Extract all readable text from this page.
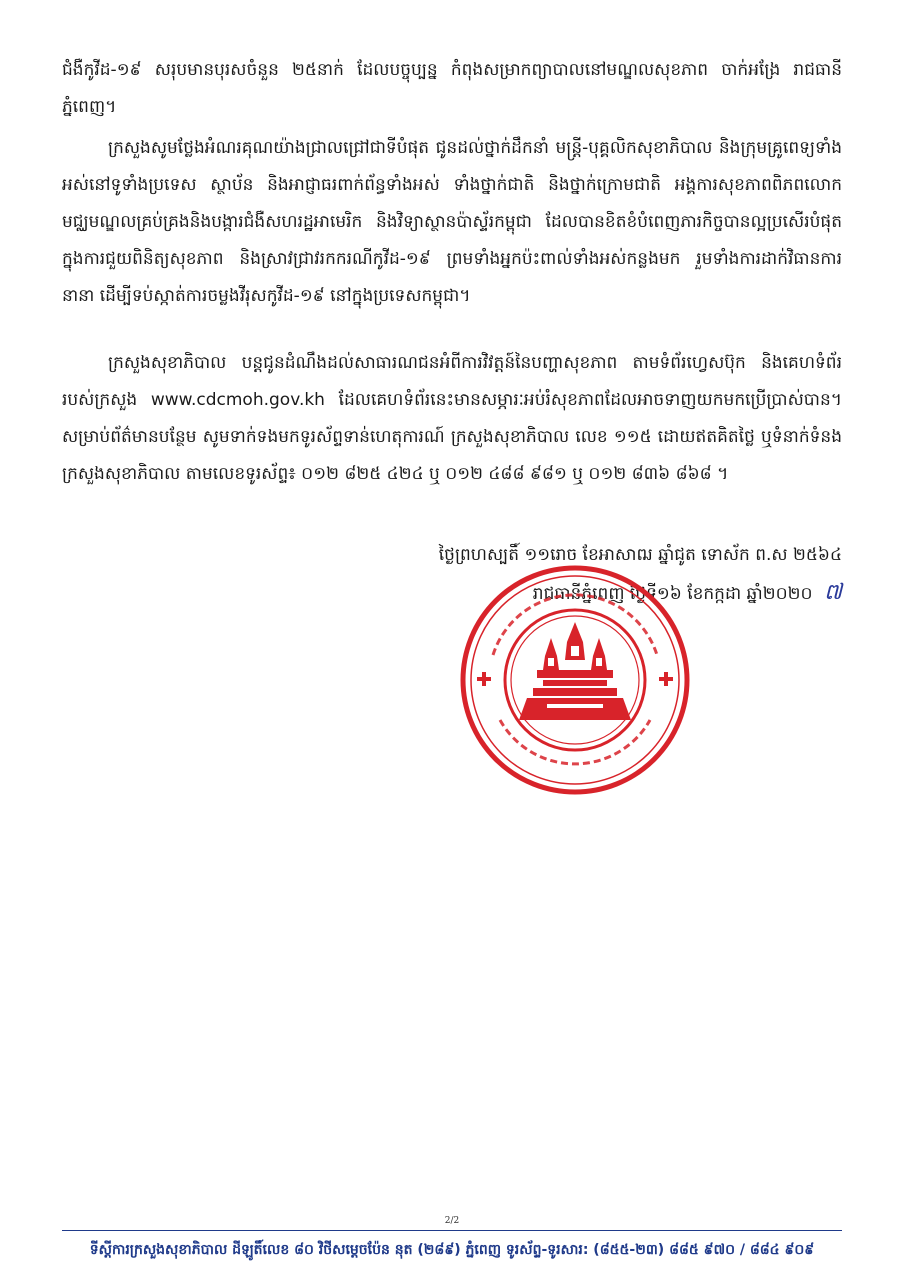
ជំងឺកូវីដ-១៩ សរុបមានបុរសចំនួន ២៥នាក់ ដែលបច្ចុប្បន្ន កំពុងសម្រាកព្យាបាលនៅមណ្ឌលសុខភាព ចាក់អង្រែ រាជធានីភ្នំពេញ។

ក្រសួងសូមថ្លែងអំណរគុណយ៉ាងជ្រាលជ្រៅជាទីបំផុត ជូនដល់ថ្នាក់ដឹកនាំ មន្ត្រី-បុគ្គលិកសុខាភិបាល និងក្រុមគ្រូពេទ្យទាំងអស់នៅទូទាំងប្រទេស ស្ថាប័ន និងអាជ្ញាធរពាក់ព័ន្ធទាំងអស់ ទាំងថ្នាក់ជាតិ និងថ្នាក់ក្រោមជាតិ អង្គការសុខភាពពិភពលោក មជ្ឈមណ្ឌលគ្រប់គ្រងនិងបង្ការជំងឺសហរដ្ឋអាមេរិក និងវិទ្យាស្ថានប៉ាស្ទ័រកម្ពុជា ដែលបានខិតខំបំពេញភារកិច្ចបានល្អប្រសើរបំផុត ក្នុងការជួយពិនិត្យសុខភាព និងស្រាវជ្រាវរកករណីកូវីដ-១៩ ព្រមទាំងអ្នកប៉ះពាល់ទាំងអស់កន្លងមក រួមទាំងការដាក់វិធានការនានា ដើម្បីទប់ស្កាត់ការចម្លងវីរុសកូវីដ-១៩ នៅក្នុងប្រទេសកម្ពុជា។

ក្រសួងសុខាភិបាល បន្តជូនដំណឹងដល់សាធារណជនអំពីការវិវត្តន៍នៃបញ្ហាសុខភាព តាមទំព័រហ្វេសប៊ុក និងគេហទំព័ររបស់ក្រសួង www.cdcmoh.gov.kh ដែលគេហទំព័រនេះមានសម្ភារៈអប់រំសុខភាពដែលអាចទាញយកមកប្រើប្រាស់បាន។ សម្រាប់ព័ត៌មានបន្ថែម សូមទាក់ទងមកទូរស័ព្ទទាន់ហេតុការណ៍ ក្រសួងសុខាភិបាល លេខ ១១៥ ដោយឥតគិតថ្លៃ ឬទំនាក់ទំនងក្រសួងសុខាភិបាល តាមលេខទូរស័ព្ទ៖ ០១២ ៨២៥ ៤២៤ ឬ ០១២ ៤៨៨ ៩៨១ ឬ ០១២ ៨៣៦ ៨៦៨ ។

ថ្ងៃព្រហស្បតិ៍ ១១រោច ខែអាសាឍ ឆ្នាំជូត ទោស័ក ព.ស ២៥៦៤
រាជធានីភ្នំពេញ ថ្ងៃទី១៦ ខែកក្កដា ឆ្នាំ២០២០ ៧
2/2
ទីស្តីការក្រសួងសុខាភិបាល ដីឡូតិ៍លេខ ៨០ វិថីសម្តេចប៉ែន នុត (២៨៩) ភ្នំពេញ ទូរស័ព្ទ-ទូរសារ: (៨៥៥-២៣) ៨៨៥ ៩៧០ / ៨៨៤ ៩០៩
